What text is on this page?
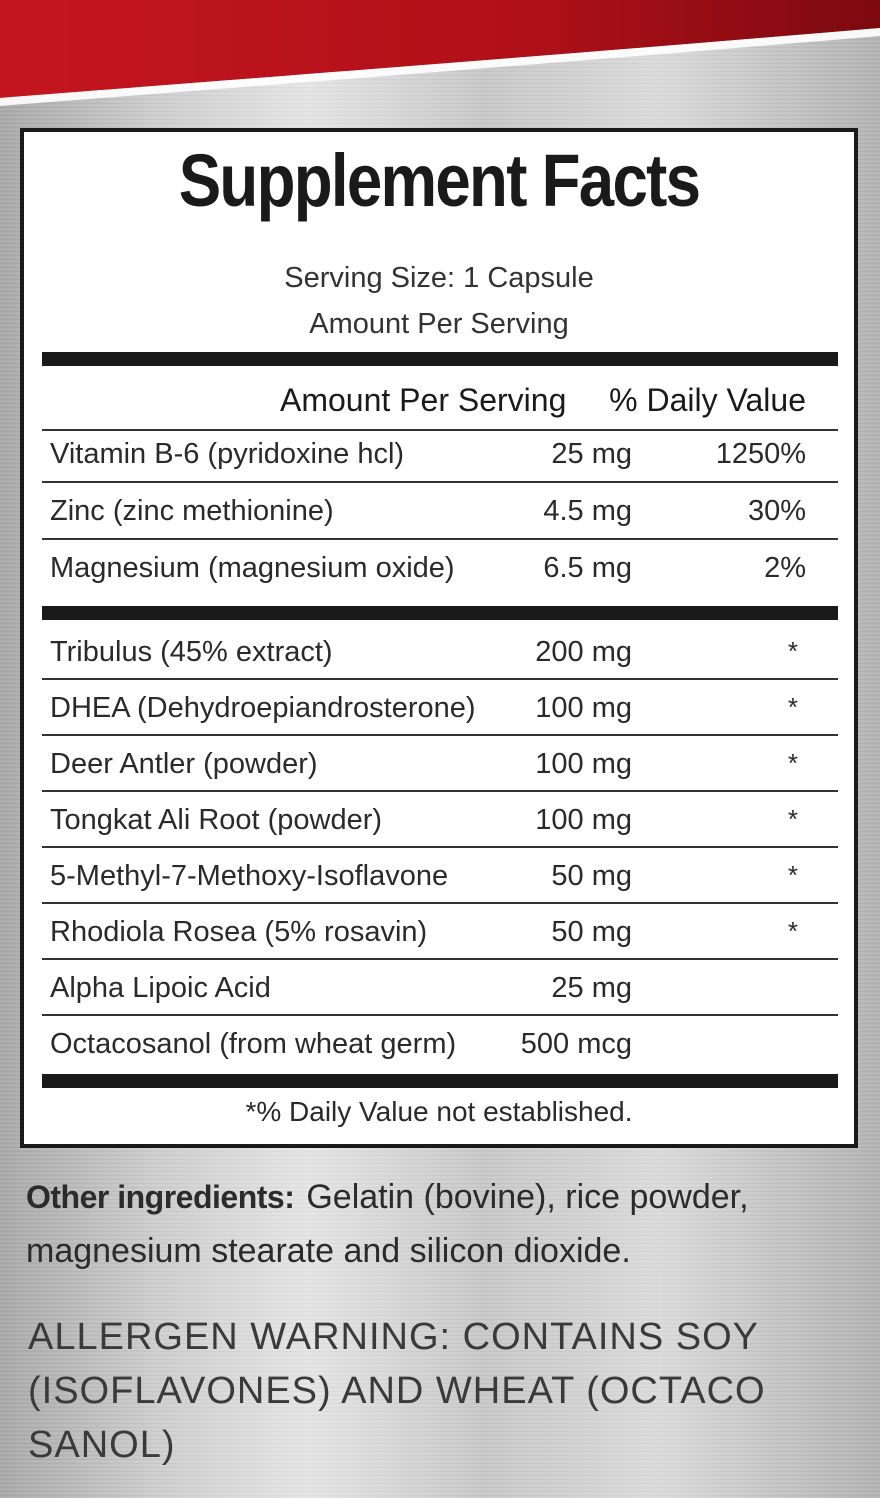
Supplement Facts
Serving Size: 1 Capsule
Amount Per Serving
Amount Per Serving % Daily Value
Vitamin B-6 (pyridoxine hcl)	25 mg	1250%
Zinc (zinc methionine)	4.5 mg	30%
Magnesium (magnesium oxide)	6.5 mg	2%
Tribulus (45% extract)	200 mg	*
DHEA (Dehydroepiandrosterone) 100 mg	*
Deer Antler (powder)	100 mg	*
Tongkat Ali Root (powder)	100 mg	*
5-Methyl-7-Methoxy-Isoflavone	50 mg	*
Rhodiola Rosea (5% rosavin)	50 mg	*
Alpha Lipoic Acid	25 mg
Octacosanol (from wheat germ) 500 mcg
*% Daily Value not established.
Other ingredients: Gelatin (bovine), rice powder, magnesium stearate and silicon dioxide.
ALLERGEN WARNING: CONTAINS SOY (ISOFLAVONES) AND WHEAT (OCTACO SANOL)
